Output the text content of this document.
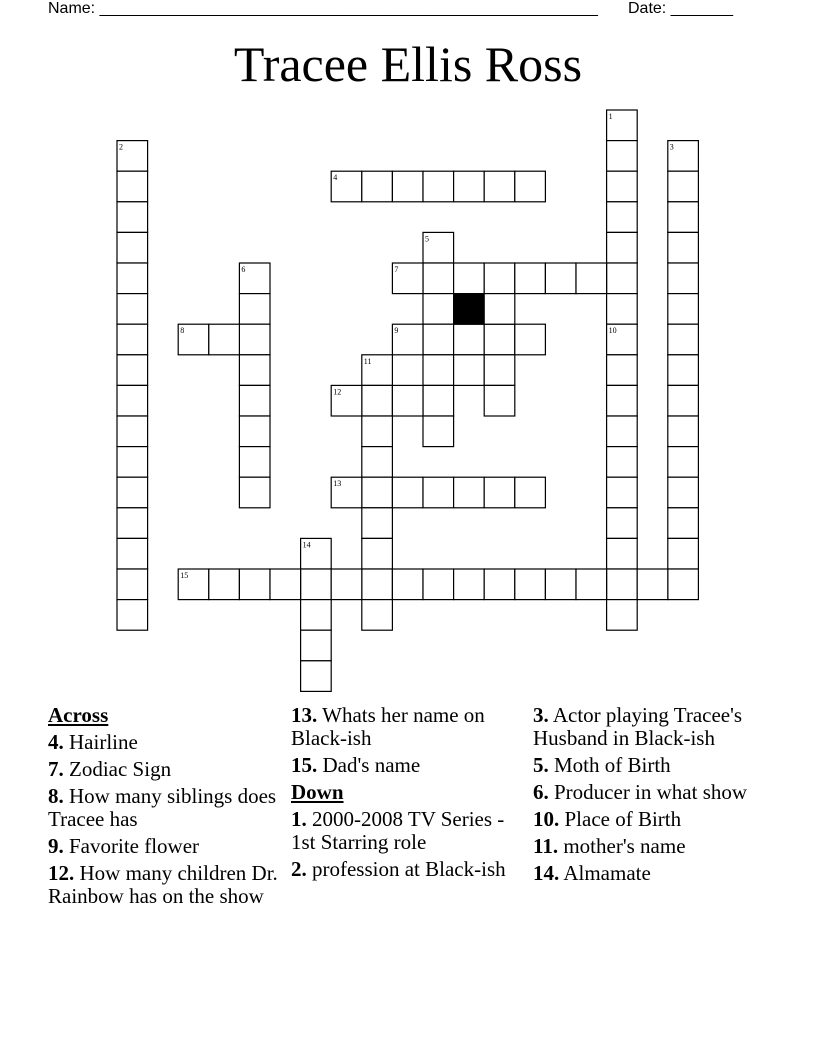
Name: ________________________________________________________ Date: _______
Tracee Ellis Ross
1
2	3
4
5
6	7
8	9	10
11
12
13
14
15
Across
4. Hairline
7. Zodiac Sign
8. How many siblings does Tracee has
9. Favorite flower
12. How many children Dr. Rainbow has on the show
13. Whats her name on Black-ish
15. Dad's name
Down
1. 2000-2008 TV Series - 1st Starring role
2. profession at Black-ish
3. Actor playing Tracee's Husband in Black-ish
5. Moth of Birth
6. Producer in what show
10. Place of Birth
11. mother's name
14. Almamate
